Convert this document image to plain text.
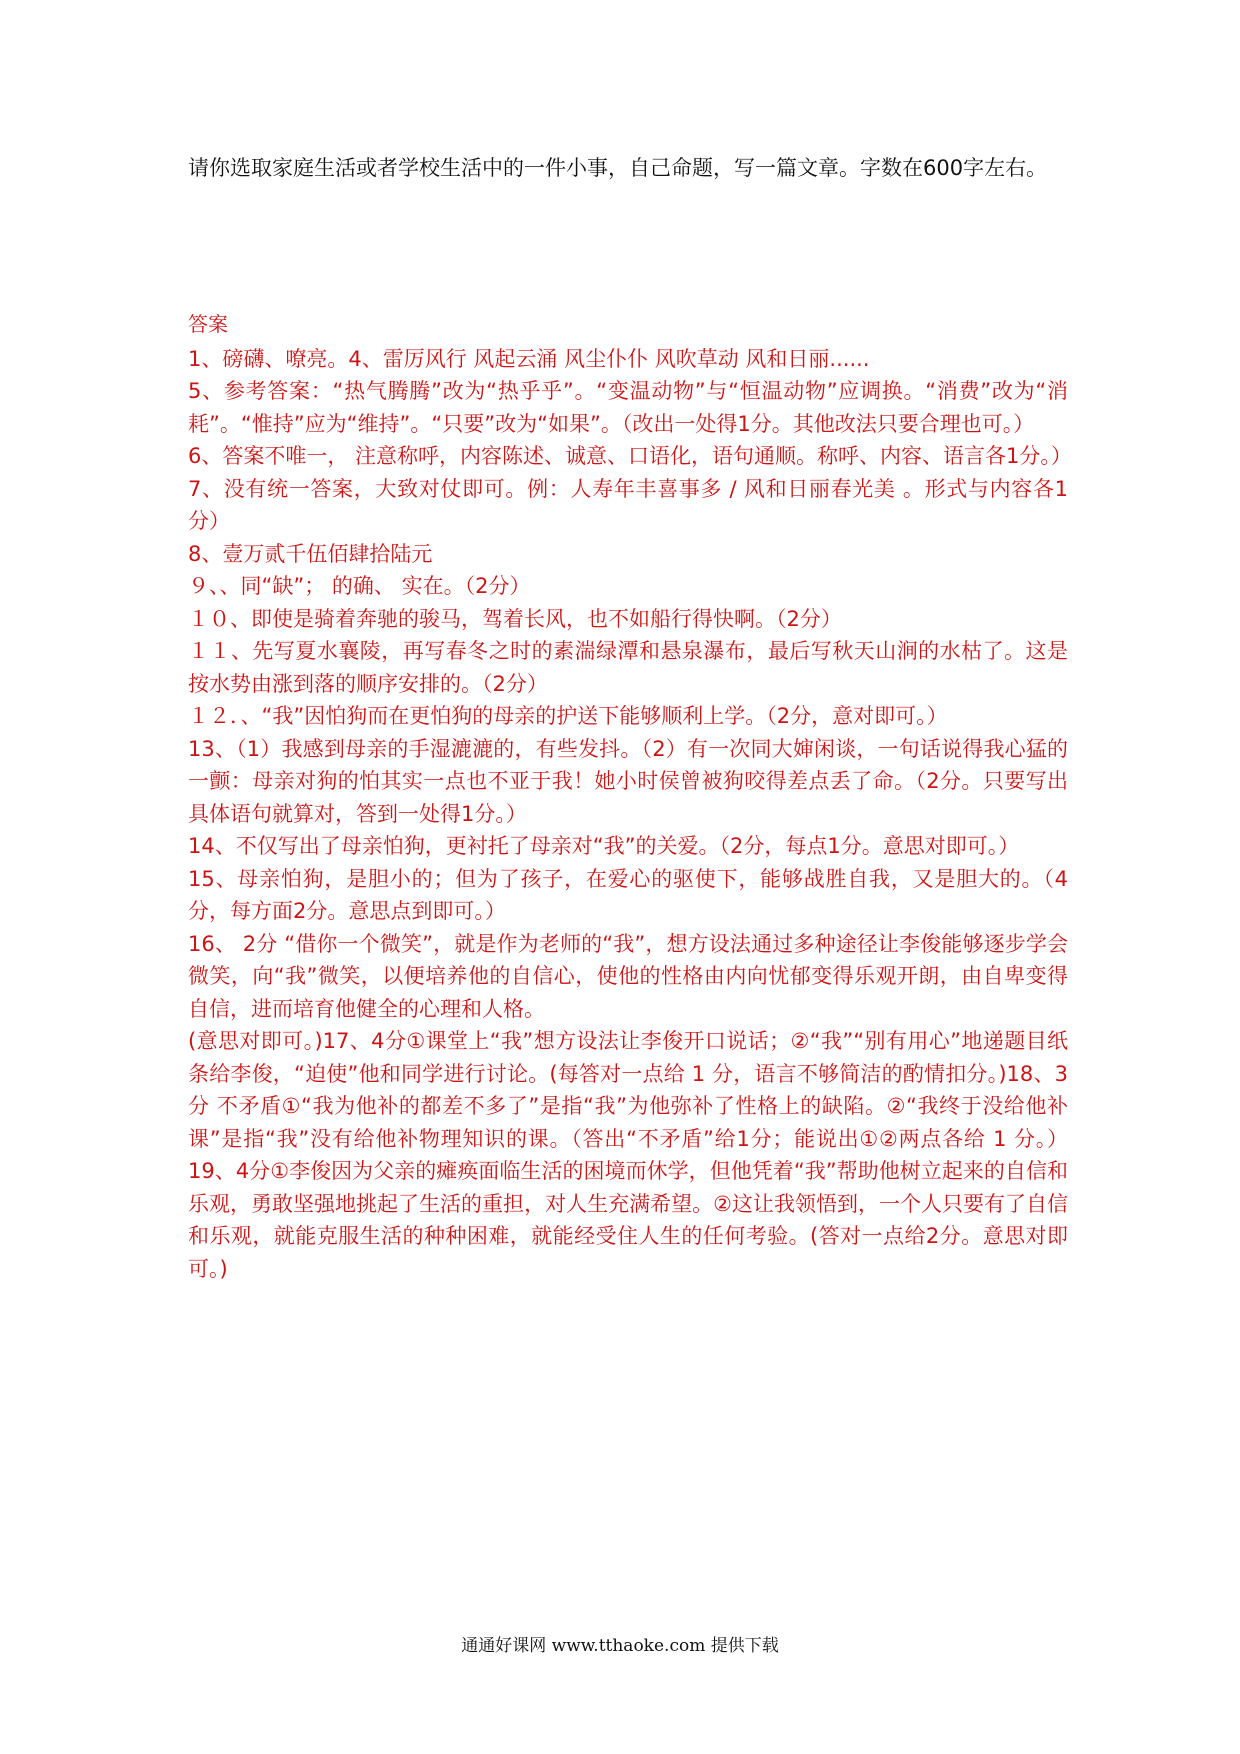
请你选取家庭生活或者学校生活中的一件小事，自己命题，写一篇文章。字数在600字左右。

答案

1、磅礴、嘹亮。4、雷厉风行 风起云涌 风尘仆仆 风吹草动 风和日丽......

5、参考答案：“热气腾腾”改为“热乎乎”。“变温动物”与“恒温动物”应调换。“消费”改为“消耗”。“惟持”应为“维持”。“只要”改为“如果”。（改出一处得1分。其他改法只要合理也可。）

6、答案不唯一， 注意称呼，内容陈述、诚意、口语化，语句通顺。称呼、内容、语言各1分。）

7、没有统一答案，大致对仗即可。例：人寿年丰喜事多 / 风和日丽春光美 。形式与内容各1分）

8、壹万贰千伍佰肆拾陆元

９、、同“缺”； 的确、 实在。（2分）

１０、即使是骑着奔驰的骏马，驾着长风，也不如船行得快啊。（2分）

１１、先写夏水襄陵，再写春冬之时的素湍绿潭和悬泉瀑布，最后写秋天山涧的水枯了。这是按水势由涨到落的顺序安排的。（2分）

１２．、“我”因怕狗而在更怕狗的母亲的护送下能够顺利上学。（2分，意对即可。）

13、（1）我感到母亲的手湿漉漉的，有些发抖。（2）有一次同大婶闲谈，一句话说得我心猛的一颤：母亲对狗的怕其实一点也不亚于我！她小时侯曾被狗咬得差点丢了命。（2分。只要写出具体语句就算对，答到一处得1分。）

14、不仅写出了母亲怕狗，更衬托了母亲对“我”的关爱。（2分，每点1分。意思对即可。）

15、母亲怕狗，是胆小的；但为了孩子，在爱心的驱使下，能够战胜自我，又是胆大的。（4分，每方面2分。意思点到即可。）

16、 2分 “借你一个微笑”，就是作为老师的“我”，想方设法通过多种途径让李俊能够逐步学会微笑，向“我”微笑，以便培养他的自信心，使他的性格由内向忧郁变得乐观开朗，由自卑变得自信，进而培育他健全的心理和人格。

(意思对即可。)17、4分①课堂上“我”想方设法让李俊开口说话；②“我”“别有用心”地递题目纸条给李俊，“迫使”他和同学进行讨论。(每答对一点给 1 分，语言不够简洁的酌情扣分。)18、3分 不矛盾①“我为他补的都差不多了”是指“我”为他弥补了性格上的缺陷。②“我终于没给他补课”是指“我”没有给他补物理知识的课。（答出“不矛盾”给1分；能说出①②两点各给 1 分。）19、4分①李俊因为父亲的瘫痪面临生活的困境而休学，但他凭着“我”帮助他树立起来的自信和乐观，勇敢坚强地挑起了生活的重担，对人生充满希望。②这让我领悟到，一个人只要有了自信和乐观，就能克服生活的种种困难，就能经受住人生的任何考验。(答对一点给2分。意思对即可。)

通通好课网 www.tthaoke.com 提供下载
